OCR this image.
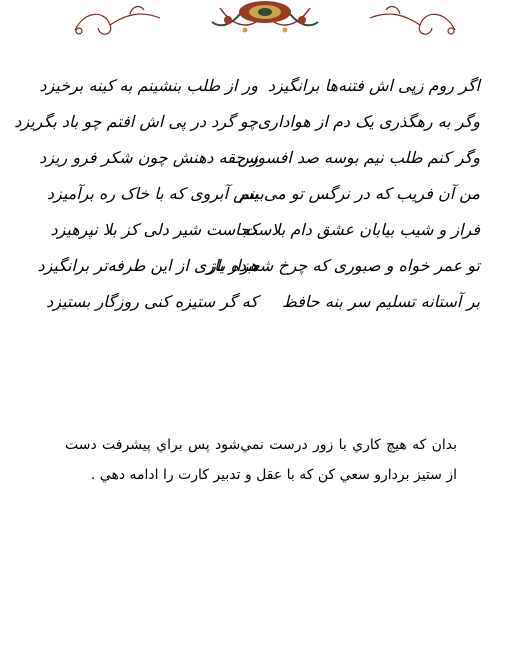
ور از طلب بنشینم به کینه برخیزد
چو گرد در پی اش افتم چو باد بگریزد
ز حقه دهنش چون شکر فرو ریزد
بس آبروی که با خاک ره برآمیزد
کجاست شیر دلی کز بلا نپرهیزد
هزار بازی از این طرفه‌تر برانگیزد
که گر ستیزه کنی روزگار بستیزد
اگر روم زپی اش فتنه‌ها برانگیزد
وگر به رهگذری یک دم از هواداری
وگر کنم طلب نیم بوسه صد افسوس
من آن فریب که در نرگس تو می‌بینم
فراز و شیب بیابان عشق دام بلاست
تو عمر خواه و صبوری که چرخ شعبده باز
بر آستانه تسلیم سر بنه حافظ

بدان كه هيچ كاري با زور درست نمي‌شود پس براي پيشرفت دست از ستيز بردارو سعي كن كه با عقل و تدبير كارت را ادامه دهي .
